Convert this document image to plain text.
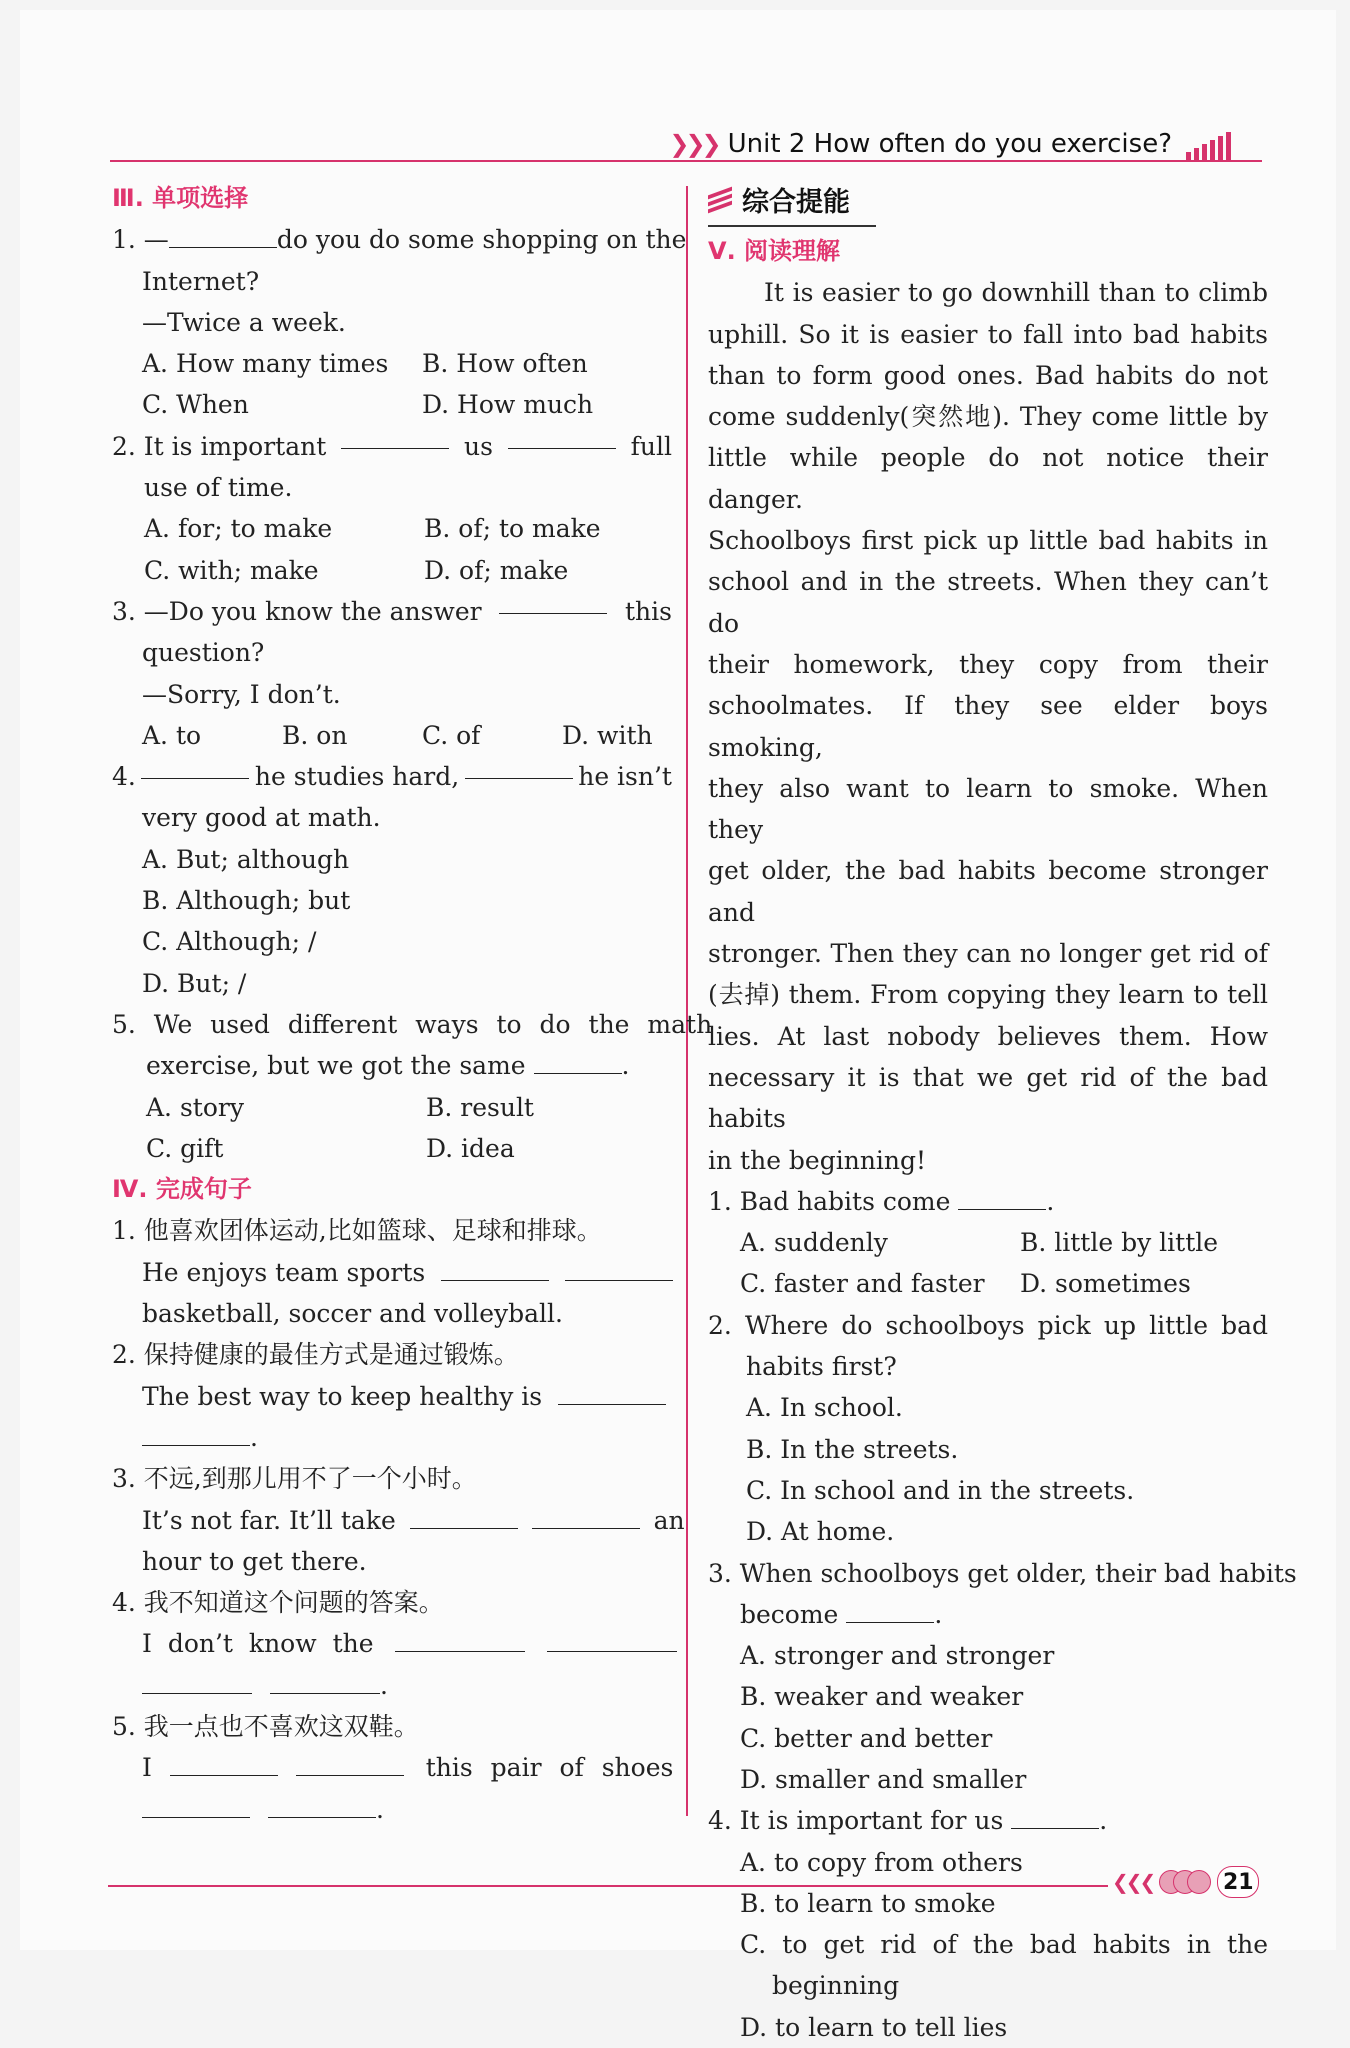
❯❯❯ Unit 2 How often do you exercise?
Ⅲ. 单项选择
1. —	do you do some shopping on the
Internet?
—Twice a week.
A. How many times	B. How often
C. When	D. How much
2. It is important	us	full
use of time.
A. for; to make	B. of; to make
C. with; make	D. of; make
3. —Do you know the answer	this
question?
—Sorry, I don’t.
A. to	B. on	C. of	D. with
4.	he studies hard,	he isn’t
very good at math.
A. But; although
B. Although; but
C. Although; /
D. But; /
5. We used different ways to do the math
exercise, but we got the same	.
A. story	B. result
C. gift	D. idea
Ⅳ. 完成句子
1. 他喜欢团体运动,比如篮球、足球和排球。
He enjoys team sports
basketball, soccer and volleyball.
2. 保持健康的最佳方式是通过锻炼。
The best way to keep healthy is
.
3. 不远,到那儿用不了一个小时。
It’s not far. It’ll take	an
hour to get there.
4. 我不知道这个问题的答案。
I don’t know the
.
5. 我一点也不喜欢这双鞋。
I	this pair of shoes
.
综合提能
Ⅴ. 阅读理解
It is easier to go downhill than to climb
uphill. So it is easier to fall into bad habits
than to form good ones. Bad habits do not
come suddenly(突然地). They come little by
little while people do not notice their danger.
Schoolboys first pick up little bad habits in
school and in the streets. When they can’t do
their homework, they copy from their
schoolmates. If they see elder boys smoking,
they also want to learn to smoke. When they
get older, the bad habits become stronger and
stronger. Then they can no longer get rid of
(去掉) them. From copying they learn to tell
lies. At last nobody believes them. How
necessary it is that we get rid of the bad habits
in the beginning!
1. Bad habits come	.
A. suddenly	B. little by little
C. faster and faster	D. sometimes
2. Where do schoolboys pick up little bad
habits first?
A. In school.
B. In the streets.
C. In school and in the streets.
D. At home.
3. When schoolboys get older, their bad habits
become	.
A. stronger and stronger
B. weaker and weaker
C. better and better
D. smaller and smaller
4. It is important for us	.
A. to copy from others
B. to learn to smoke
C. to get rid of the bad habits in the
beginning
D. to learn to tell lies
❮❮❮	21
